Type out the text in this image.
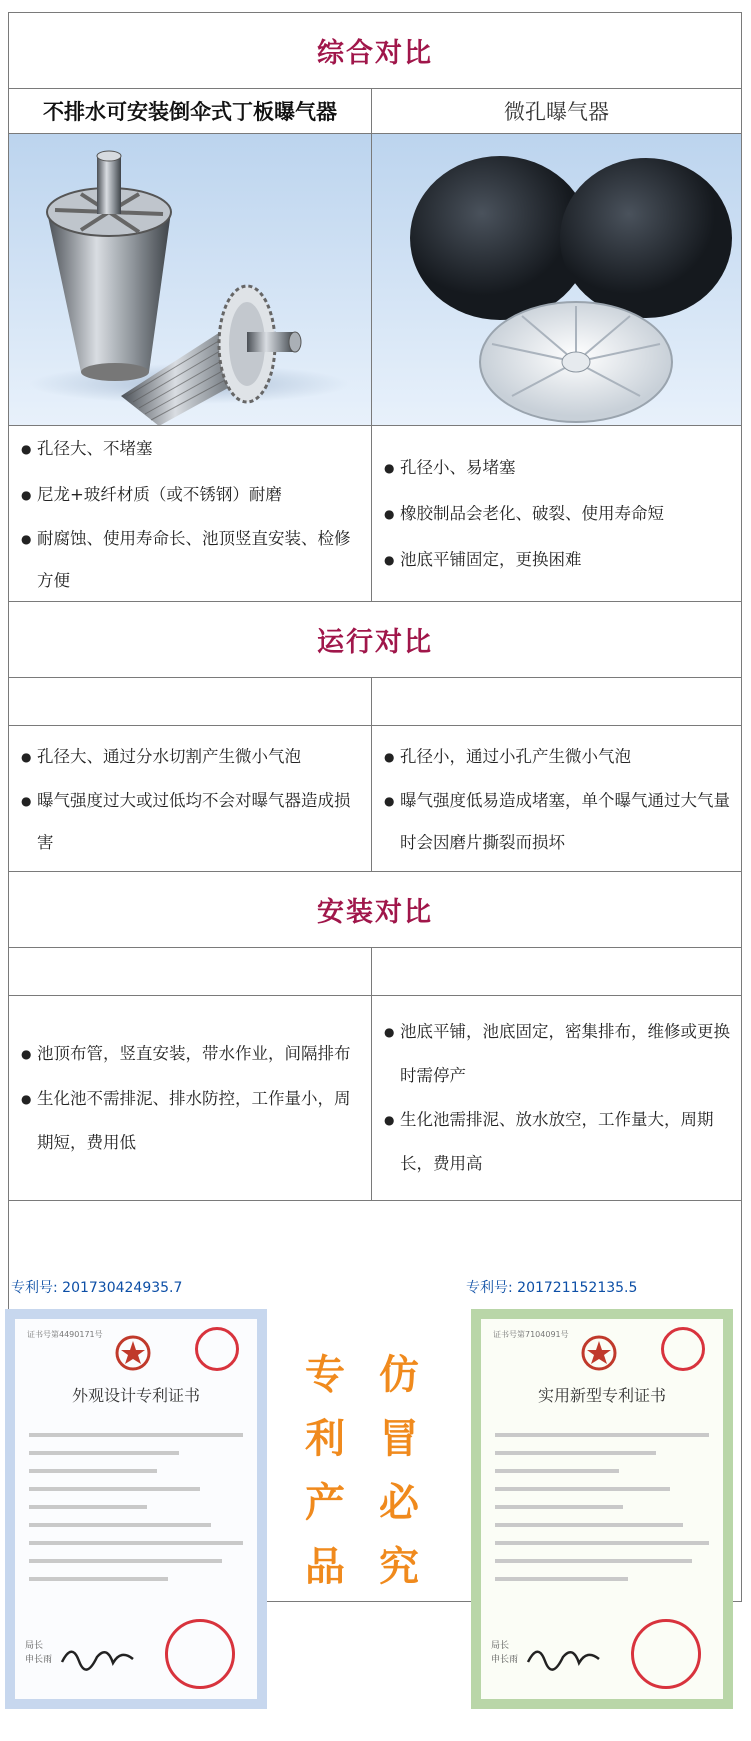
综合对比
不排水可安装倒伞式丁板曝气器	微孔曝气器
● 孔径大、不堵塞
● 尼龙+玻纤材质（或不锈钢）耐磨
● 耐腐蚀、使用寿命长、池顶竖直安装、检修方便
● 孔径小、易堵塞
● 橡胶制品会老化、破裂、使用寿命短
● 池底平铺固定，更换困难
运行对比
● 孔径大、通过分水切割产生微小气泡
● 曝气强度过大或过低均不会对曝气器造成损害
● 孔径小，通过小孔产生微小气泡
● 曝气强度低易造成堵塞，单个曝气通过大气量时会因磨片撕裂而损坏
安装对比
● 池顶布管，竖直安装，带水作业，间隔排布
● 生化池不需排泥、排水防控，工作量小，周期短，费用低
● 池底平铺，池底固定，密集排布，维修或更换时需停产
● 生化池需排泥、放水放空，工作量大，周期长，费用高
专利号: 201730424935.7	专利号: 201721152135.5
证书号第4490171号
外观设计专利证书
局长
申长雨
证书号第7104091号
实用新型专利证书
局长
申长雨
专
利
产
品
仿
冒
必
究
